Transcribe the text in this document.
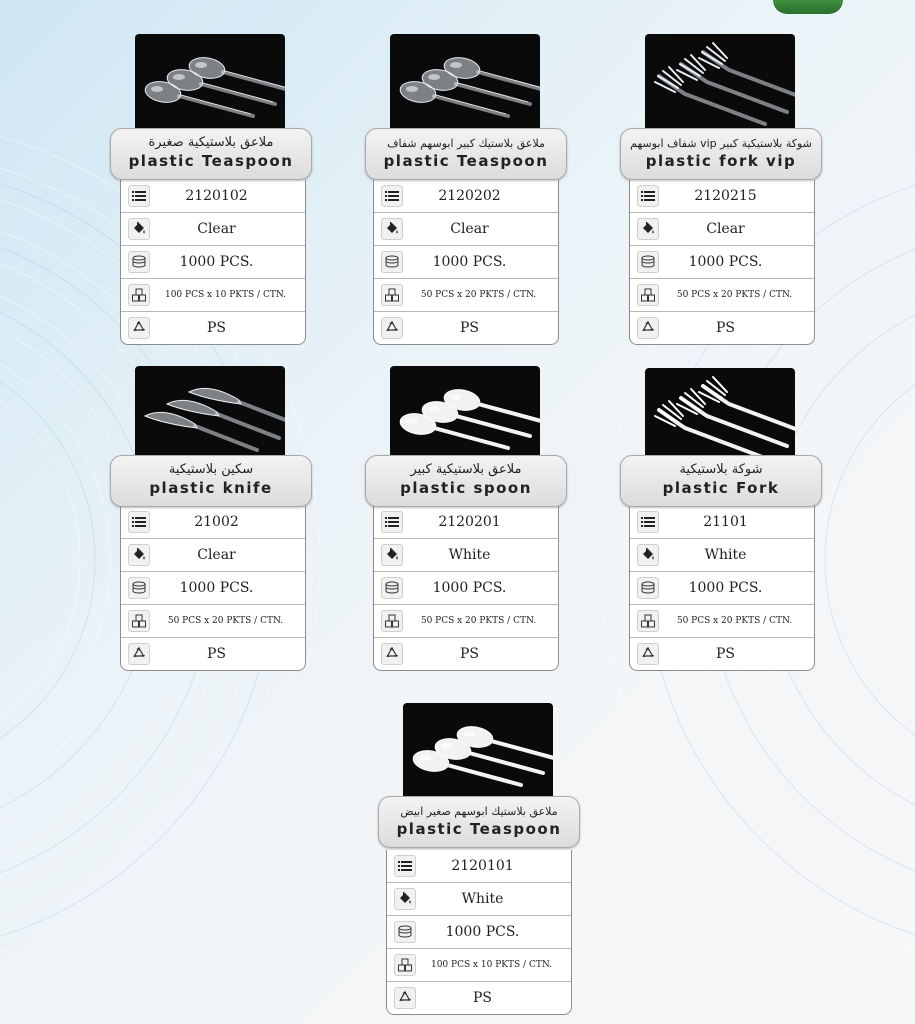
ملاعق بلاستيكية صغيرة
plastic Teaspoon
2120102
Clear
1000 PCS.
100 PCS x 10 PKTS / CTN.
PS
ملاعق بلاستيك كبير ابوسهم شفاف
plastic Teaspoon
2120202
Clear
1000 PCS.
50 PCS x 20 PKTS / CTN.
PS
شوكة بلاستيكية كبير vip شفاف ابوسهم
plastic fork vip
2120215
Clear
1000 PCS.
50 PCS x 20 PKTS / CTN.
PS
سكين بلاستيكية
plastic knife
21002
Clear
1000 PCS.
50 PCS x 20 PKTS / CTN.
PS
ملاعق بلاستيكية كبير
plastic spoon
2120201
White
1000 PCS.
50 PCS x 20 PKTS / CTN.
PS
شوكة بلاستيكية
plastic Fork
21101
White
1000 PCS.
50 PCS x 20 PKTS / CTN.
PS
ملاعق بلاستيك ابوسهم صغير ابيض
plastic Teaspoon
2120101
White
1000 PCS.
100 PCS x 10 PKTS / CTN.
PS
